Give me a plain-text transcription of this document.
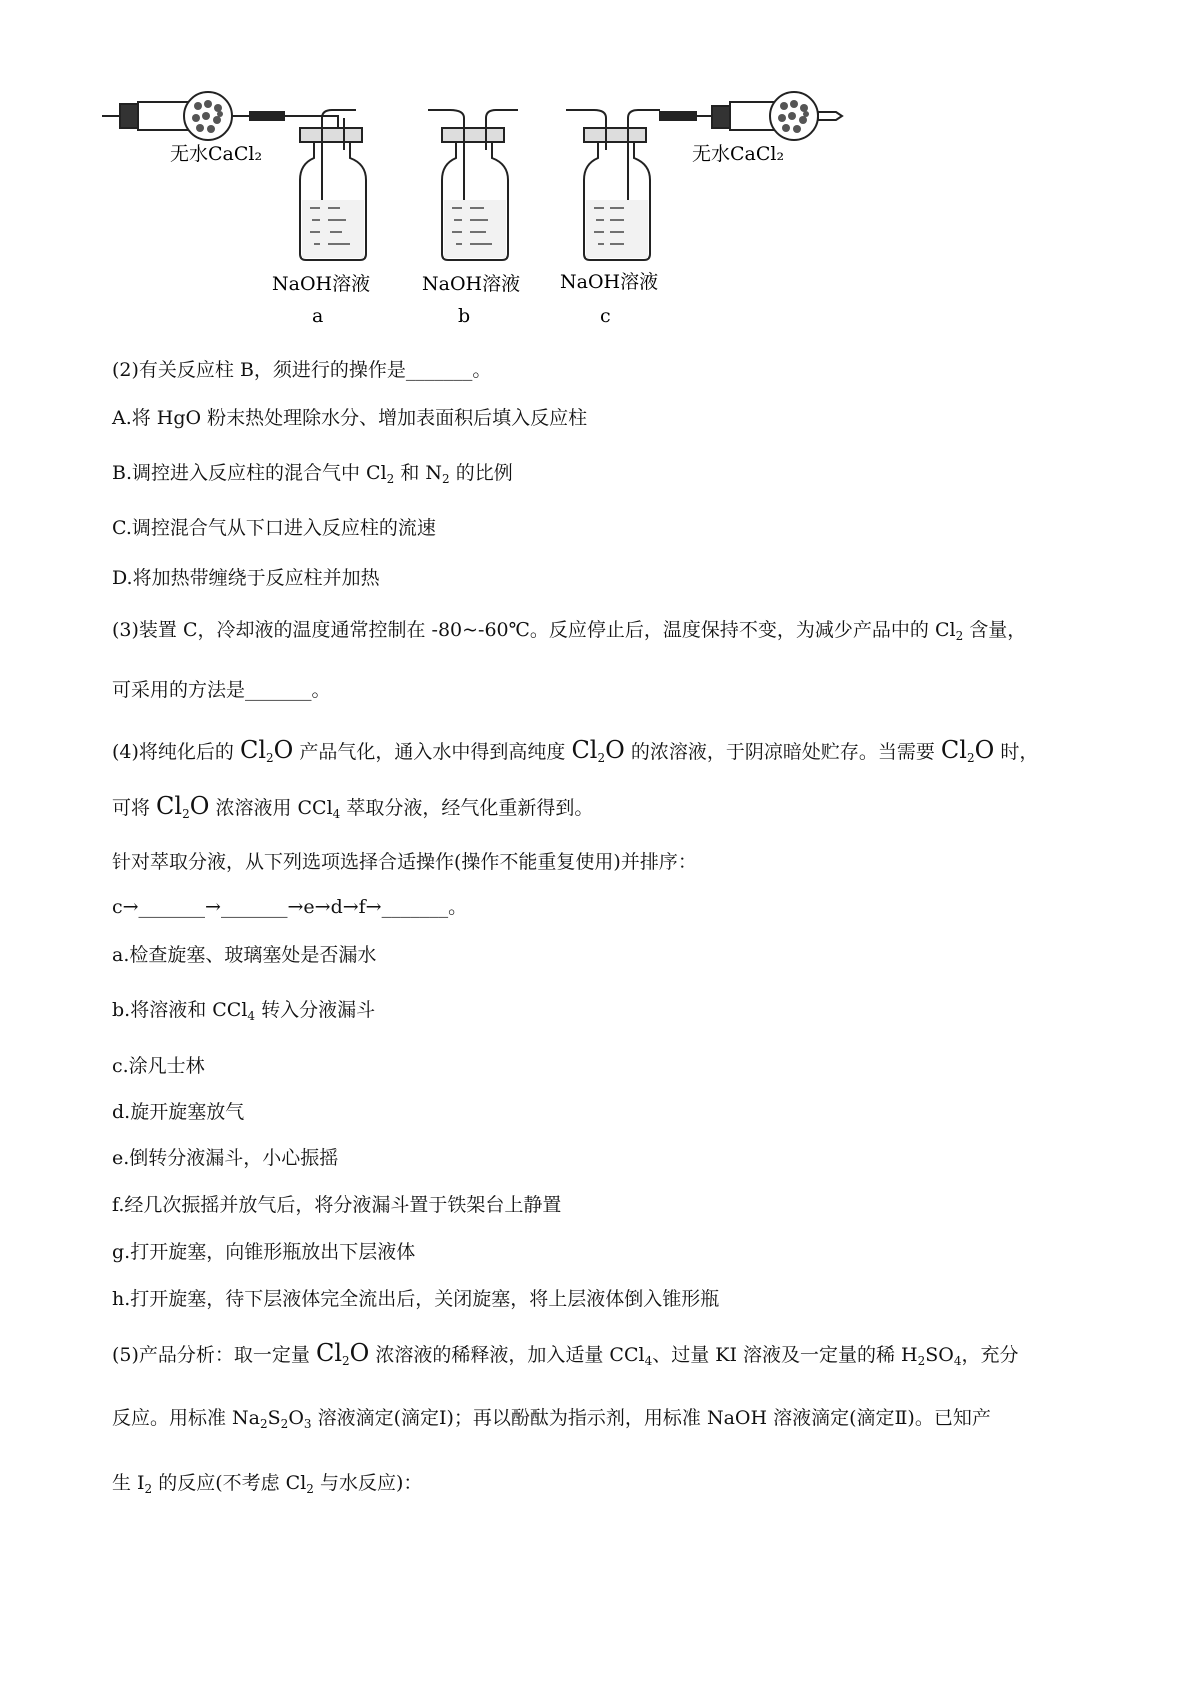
无水CaCl₂	无水CaCl₂
NaOH溶液	NaOH溶液 NaOH溶液
a	b	c
(2)有关反应柱 B，须进行的操作是_______。
A.将 HgO 粉末热处理除水分、增加表面积后填入反应柱
B.调控进入反应柱的混合气中 $Cl_2$ 和 $N_2$ 的比例
C.调控混合气从下口进入反应柱的流速
D.将加热带缠绕于反应柱并加热
(3)装置 C，冷却液的温度通常控制在 -80~-60℃。反应停止后，温度保持不变，为减少产品中的 $Cl_2$ 含量，
可采用的方法是_______。
(4)将纯化后的 $Cl_2O$ 产品气化，通入水中得到高纯度 $Cl_2O$ 的浓溶液，于阴凉暗处贮存。当需要 $Cl_2O$ 时，
可将 $Cl_2O$ 浓溶液用 CCl$_4$ 萃取分液，经气化重新得到。
针对萃取分液，从下列选项选择合适操作(操作不能重复使用)并排序：
c→_______→_______→e→d→f→_______。
a.检查旋塞、玻璃塞处是否漏水
b.将溶液和 CCl$_4$ 转入分液漏斗
c.涂凡士林
d.旋开旋塞放气
e.倒转分液漏斗，小心振摇
f.经几次振摇并放气后，将分液漏斗置于铁架台上静置
g.打开旋塞，向锥形瓶放出下层液体
h.打开旋塞，待下层液体完全流出后，关闭旋塞，将上层液体倒入锥形瓶
(5)产品分析：取一定量 $Cl_2O$ 浓溶液的稀释液，加入适量 CCl$_4$、过量 KI 溶液及一定量的稀 $H_2SO_4$，充分
反应。用标准 $Na_2S_2O_3$ 溶液滴定(滴定Ⅰ)；再以酚酞为指示剂，用标准 NaOH 溶液滴定(滴定Ⅱ)。已知产
生 $I_2$ 的反应(不考虑 $Cl_2$ 与水反应)：
